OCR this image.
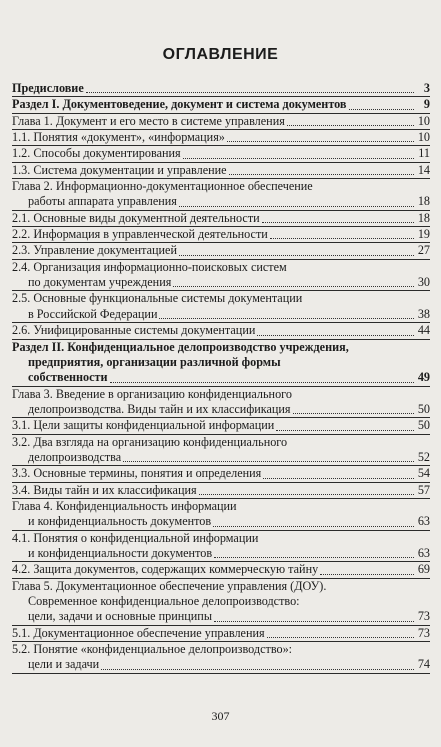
ОГЛАВЛЕНИЕ
Предисловие	3
Раздел I. Документоведение, документ и система документов	9
Глава 1. Документ и его место в системе управления	10
1.1. Понятия «документ», «информация»	10
1.2. Способы документирования	11
1.3. Система документации и управление	14
Глава 2. Информационно-документационное обеспечение
работы аппарата управления	18
2.1. Основные виды документной деятельности	18
2.2. Информация в управленческой деятельности	19
2.3. Управление документацией	27
2.4. Организация информационно-поисковых систем
по документам учреждения	30
2.5. Основные функциональные системы документации
в Российской Федерации	38
2.6. Унифицированные системы документации	44
Раздел II. Конфиденциальное делопроизводство учреждения,
предприятия, организации различной формы
собственности	49
Глава 3. Введение в организацию конфиденциального
делопроизводства. Виды тайн и их классификация	50
3.1. Цели защиты конфиденциальной информации	50
3.2. Два взгляда на организацию конфиденциального
делопроизводства	52
3.3. Основные термины, понятия и определения	54
3.4. Виды тайн и их классификация	57
Глава 4. Конфиденциальность информации
и конфиденциальность документов	63
4.1. Понятия о конфиденциальной информации
и конфиденциальности документов	63
4.2. Защита документов, содержащих коммерческую тайну	69
Глава 5. Документационное обеспечение управления (ДОУ).
Современное конфиденциальное делопроизводство:
цели, задачи и основные принципы	73
5.1. Документационное обеспечение управления	73
5.2. Понятие «конфиденциальное делопроизводство»:
цели и задачи	74
307
